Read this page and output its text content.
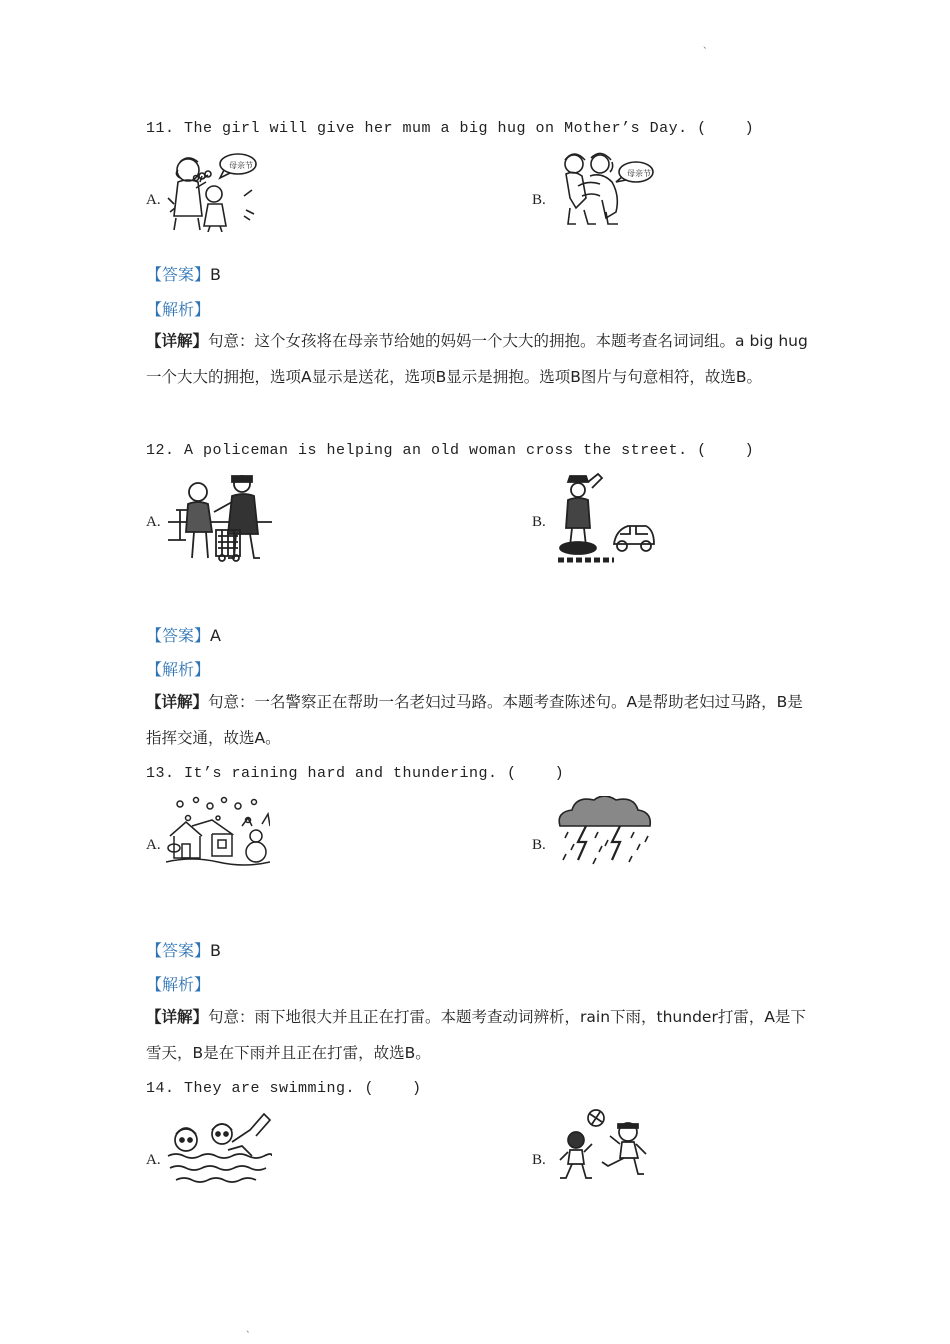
、
11. The girl will give her mum a big hug on Mother’s Day. (    )
A.
母亲节
B.
母亲节
【答案】B
【解析】
【详解】句意：这个女孩将在母亲节给她的妈妈一个大大的拥抱。本题考查名词词组。a big hug 一个大大的拥抱，选项A显示是送花，选项B显示是拥抱。选项B图片与句意相符，故选B。
12. A policeman is helping an old woman cross the street. (    )
A.	B.
【答案】A
【解析】
【详解】句意：一名警察正在帮助一名老妇过马路。本题考查陈述句。A是帮助老妇过马路，B是指挥交通，故选A。
13. It’s raining hard and thundering. (    )
A.	B.
【答案】B
【解析】
【详解】句意：雨下地很大并且正在打雷。本题考查动词辨析，rain下雨，thunder打雷，A是下雪天，B是在下雨并且正在打雷，故选B。
14. They are swimming. (    )
A.	B.
、
